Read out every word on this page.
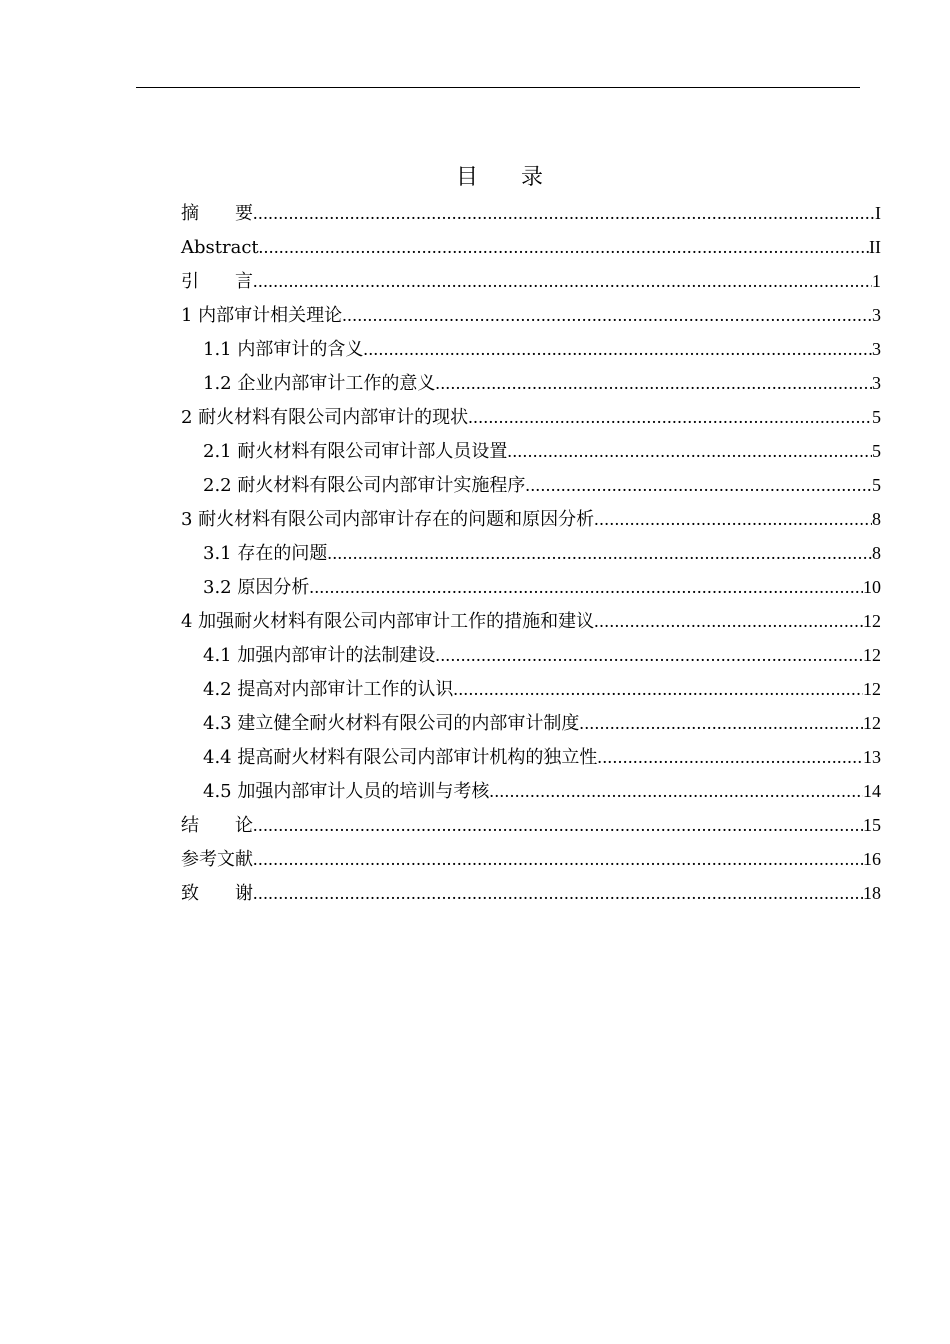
目 录
摘　　要 .....	I
Abstract .....	II
引　　言 .....	1
1 内部审计相关理论 .....	3
1.1 内部审计的含义 .....	3
1.2 企业内部审计工作的意义 .....	3
2 耐火材料有限公司内部审计的现状 .....	5
2.1 耐火材料有限公司审计部人员设置 .....	5
2.2 耐火材料有限公司内部审计实施程序 .....	5
3 耐火材料有限公司内部审计存在的问题和原因分析 .....	8
3.1 存在的问题 .....	8
3.2 原因分析 .....	10
4 加强耐火材料有限公司内部审计工作的措施和建议 .....	12
4.1 加强内部审计的法制建设 .....	12
4.2 提高对内部审计工作的认识 .....	12
4.3 建立健全耐火材料有限公司的内部审计制度 .....	12
4.4 提高耐火材料有限公司内部审计机构的独立性 .....	13
4.5 加强内部审计人员的培训与考核 .....	14
结　　论 .....	15
参考文献 .....	16
致　　谢 .....	18
